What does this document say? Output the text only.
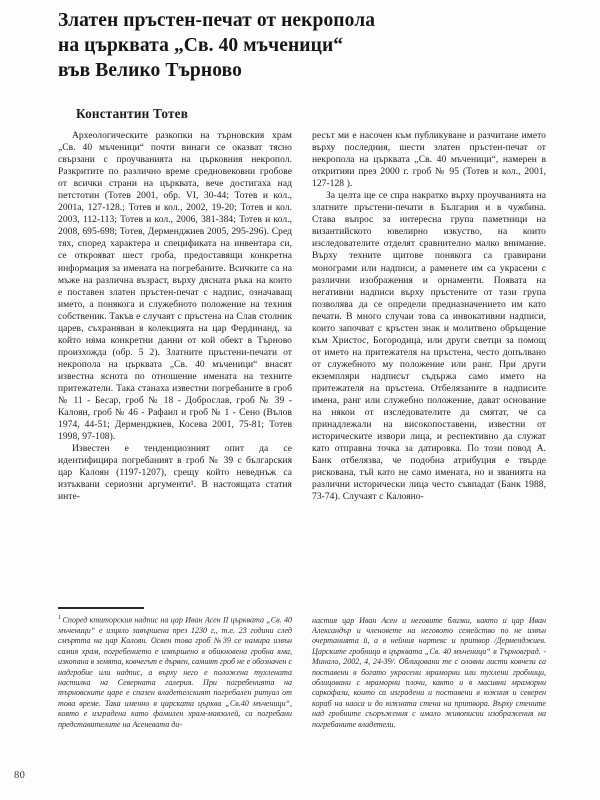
Златен пръстен-печат от некропола
на църквата „Св. 40 мъченици“
във Велико Търново
Константин Тотев

Археологическите разкопки на търновския храм „Св. 40 мъченици“ почти винаги се оказват тясно свързани с проучванията на църковния некропол. Разкритите по различно време средновековни гробове от всички страни на църквата, вече достигаха над петстотин (Тотев 2001, обр. VI, 30-44; Тотев и кол., 2001а, 127-128.; Тотев и кол., 2002, 19-20; Тотев и кол. 2003, 112-113; Тотев и кол., 2006, 381-384; Тотев и кол., 2008, 695-698; Тотев, Дерменджиев 2005, 295-296). Сред тях, според характера и спецификата на инвентара си, се открояват шест гроба, предоставящи конкретна информация за имената на погребаните. Всичките са на мъже на различна възраст, върху дясната ръка на които е поставен златен пръстен-печат с надпис, означаващ името, а понякога и служебното положение на техния собственик. Такъв е случаят с пръстена на Слав столник царев, съхраняван в колекцията на цар Фердинанд, за който няма конкретни данни от кой обект в Търново произхожда (обр. 5 2). Златните пръстени-печати от некропола на църквата „Св. 40 мъченици“ внасят известна яснота по отношение имената на техните притежатели. Така станаха известни погребаните в гроб № 11 - Бесар, гроб № 18 - Доброслав, гроб № 39 - Калоян, гроб № 46 - Рафаил и гроб № 1 - Сено (Вълов 1974, 44-51; Дерменджиев, Косева 2001, 75-81; Тотев 1998, 97-108).

Известен е тенденциозният опит да се идентифицира погребаният в гроб № 39 с българския цар Калоян (1197-1207), срещу който неведнъж са изтъквани сериозни аргументи¹. В настоящата статия инте-

$^1$ Според ктиторския надпис на цар Иван Асен II църквата „Св. 40 мъченици“ е изцяло завършена през 1230 г., т.е. 23 години след смъртта на цар Калоян. Освен това гроб №39 се намира извън самия храм, погребението е извършено в обикновена гробна яма, изкопана в земята, ковчегът е дървен, самият гроб не е обозначен с надгробие или надпис, а върху него е положена тухлената настилка на Северната галерия. При погребенията на търновските царе е спазен владетелският погребален ритуал от това време. Така именно в царската църква „Св.40 мъченици“, която е изградена като фамилен храм-мавзолей, са погребани представителите на Асеневата ди-

ресът ми е насочен към публикуване и разчитане името върху последния, шести златен пръстен-печат от некропола на църквата „Св. 40 мъченици“, намерен в откритияи през 2000 г. гроб № 95 (Тотев и кол., 2001, 127-128 ).

За целта ще се спра накратко върху проучванията на златните пръстени-печати в България и в чужбина. Става въпрос за интересна група паметници на византийското ювелирно изкуство, на които изследователите отделят сравнително малко внимание. Върху техните щитове понякога са гравирани монограми или надписи, а раменете им са украсени с различни изображения и орнаменти. Появата на негативни надписи върху пръстените от тази група позволява да се определи предназначението им като печати. В много случаи това са инвокативни надписи, които започват с кръстен знак и молитвено обръщение към Христос, Богородица, или други светци за помощ от името на притежателя на пръстена, често допълвано от служебното му положение или ранг. При други екземпляри надписът съдържа само името на притежателя на пръстена. Отбелязаните в надписите имена, ранг или служебно положение, дават основание на някои от изследователите да смятат, че са принадлежали на високопоставени, известни от историческите извори лица, и респективно да служат като отправна точка за датировка. По този повод А. Банк отбелязва, че подобна атрибуция е твърде рискована, тъй като не само имената, но и званията на различни исторически лица често съвпадат (Банк 1988, 73-74). Случаят с Калояно-

настия цар Иван Асен и неговите близки, както и цар Иван Александър и членовете на неговото семейство по не извън очертанията й, а в нейния нартекс и притвор /Дерменджиев. Царските гробници в църквата „Св. 40 мъченици“ в Търновград. - Минало, 2002, 4, 24-39/. Облицовани те с оловни листи ковчези са поставени в богато украсени мраморни или тухлени гробници, облицовани с мраморни плочи, както и в масивни мраморни саркофази, които са изградени и поставени в южния и северен кораб на наоса и до южната стена на притвора. Върху стените над гробните съоръжения с имало живописни изображения на погребаните владетели.

80
